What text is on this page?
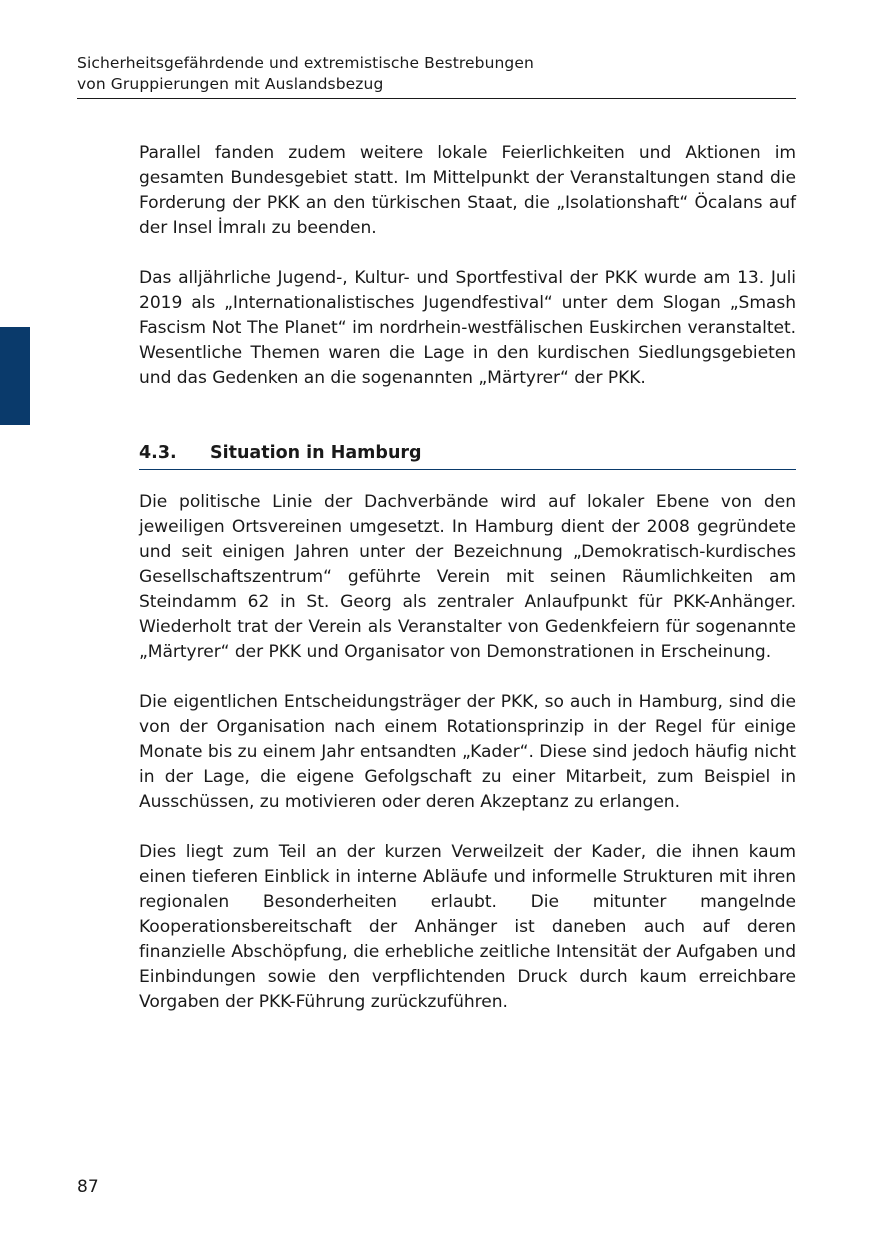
Sicherheitsgefährdende und extremistische Bestrebungen
von Gruppierungen mit Auslandsbezug

Parallel fanden zudem weitere lokale Feierlichkeiten und Aktionen im gesamten Bundesgebiet statt. Im Mittelpunkt der Veranstaltungen stand die Forderung der PKK an den türkischen Staat, die „Isolationshaft“ Öcalans auf der Insel İmralı zu beenden.

Das alljährliche Jugend-, Kultur- und Sportfestival der PKK wurde am 13. Juli 2019 als „Internationalistisches Jugendfestival“ unter dem Slogan „Smash Fascism Not The Planet“ im nordrhein-westfälischen Euskirchen veranstaltet. Wesentliche Themen waren die Lage in den kurdischen Siedlungsgebieten und das Gedenken an die sogenannten „Märtyrer“ der PKK.

4.3. Situation in Hamburg

Die politische Linie der Dachverbände wird auf lokaler Ebene von den jeweiligen Ortsvereinen umgesetzt. In Hamburg dient der 2008 gegründete und seit einigen Jahren unter der Bezeichnung „Demokratisch-kurdisches Gesellschaftszentrum“ geführte Verein mit seinen Räumlichkeiten am Steindamm 62 in St. Georg als zentraler Anlaufpunkt für PKK-Anhänger. Wiederholt trat der Verein als Veranstalter von Gedenkfeiern für sogenannte „Märtyrer“ der PKK und Organisator von Demonstrationen in Erscheinung.

Die eigentlichen Entscheidungsträger der PKK, so auch in Hamburg, sind die von der Organisation nach einem Rotationsprinzip in der Regel für einige Monate bis zu einem Jahr entsandten „Kader“. Diese sind jedoch häufig nicht in der Lage, die eigene Gefolgschaft zu einer Mitarbeit, zum Beispiel in Ausschüssen, zu motivieren oder deren Akzeptanz zu erlangen.

Dies liegt zum Teil an der kurzen Verweilzeit der Kader, die ihnen kaum einen tieferen Einblick in interne Abläufe und informelle Strukturen mit ihren regionalen Besonderheiten erlaubt. Die mitunter mangelnde Kooperationsbereitschaft der Anhänger ist daneben auch auf deren finanzielle Abschöpfung, die erhebliche zeitliche Intensität der Aufgaben und Einbindungen sowie den verpflichtenden Druck durch kaum erreichbare Vorgaben der PKK-Führung zurückzuführen.

87
